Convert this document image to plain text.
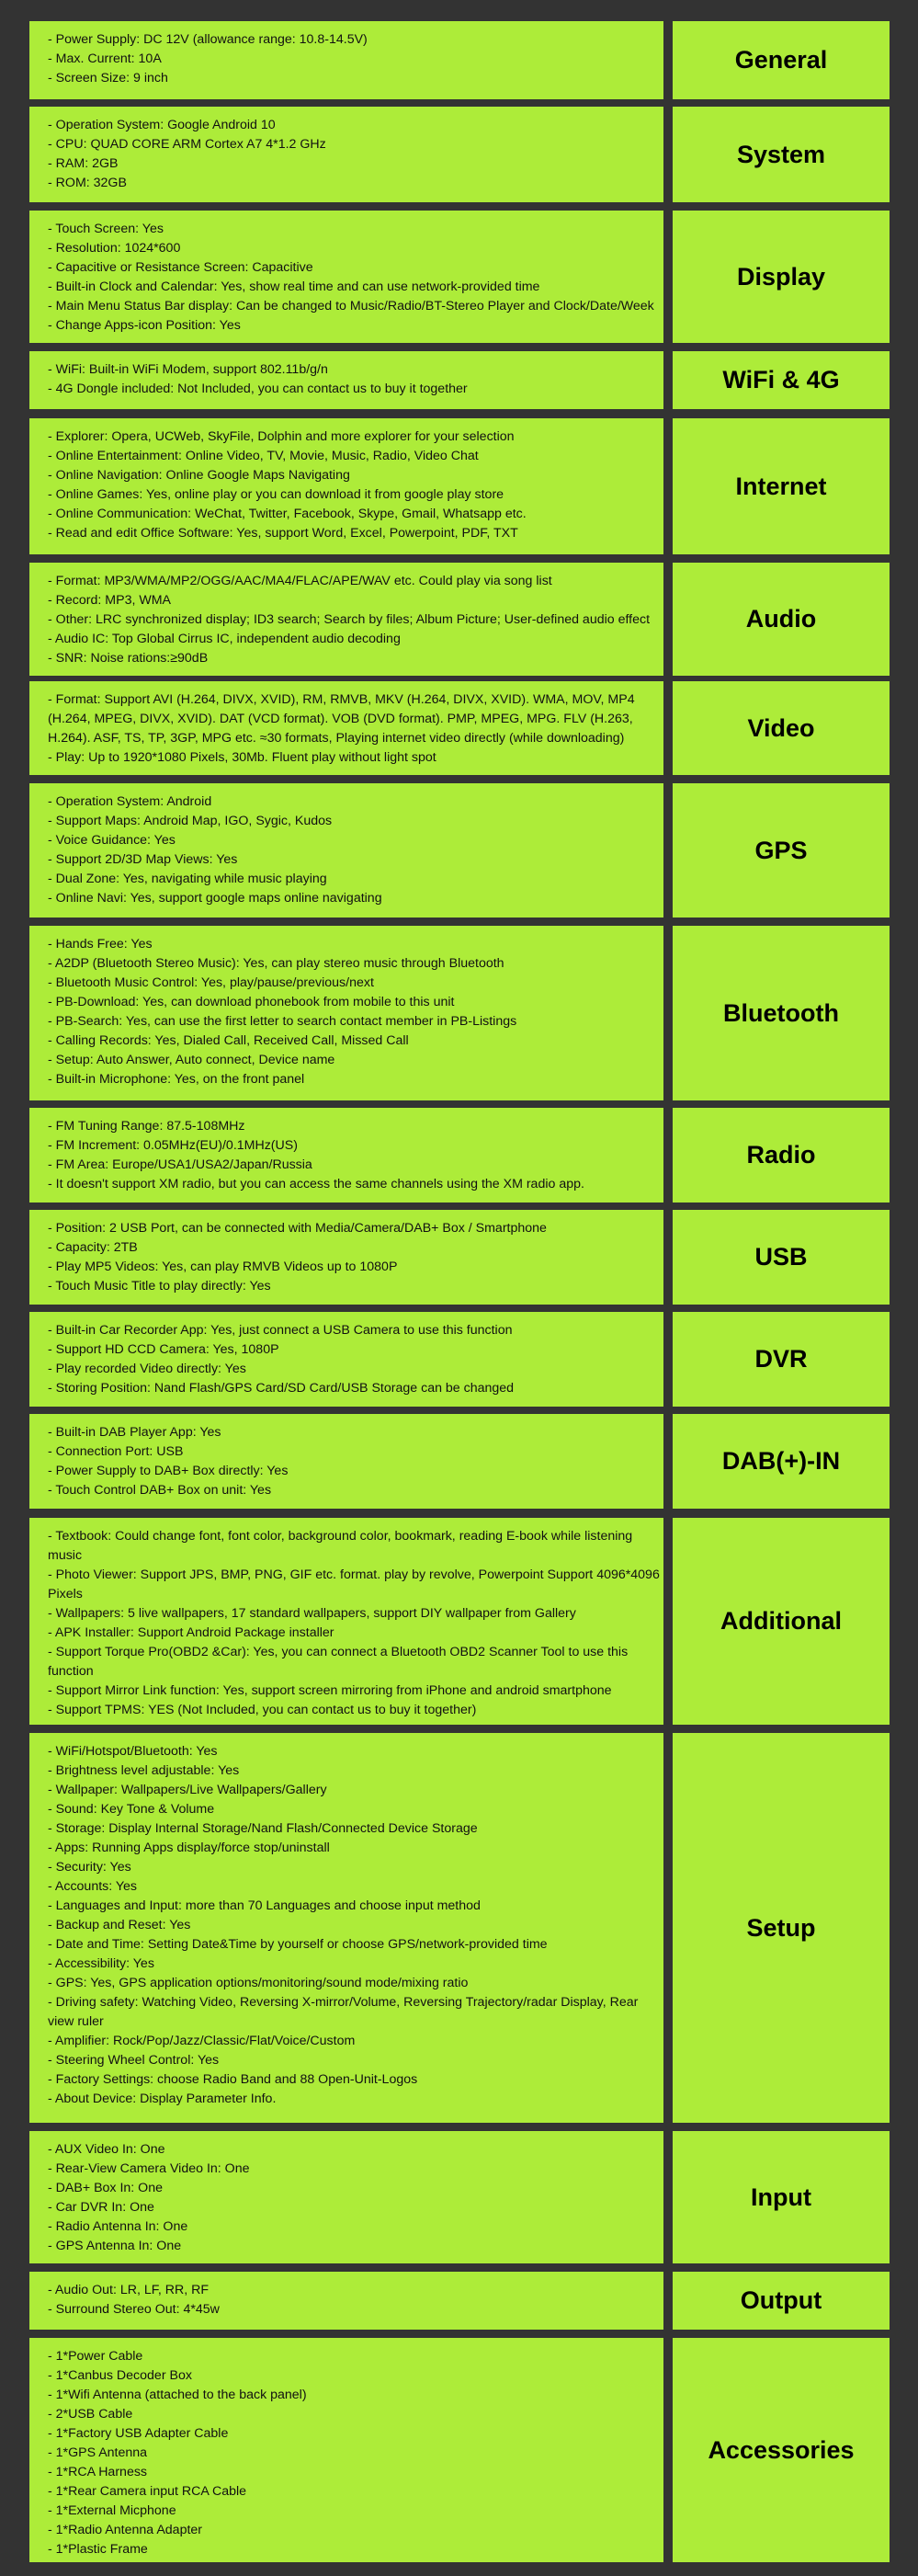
- Power Supply: DC 12V (allowance range: 10.8-14.5V)
- Max. Current: 10A
- Screen Size: 9 inch
General
- Operation System: Google Android 10
- CPU: QUAD CORE ARM Cortex A7 4*1.2 GHz
- RAM: 2GB
- ROM: 32GB
System
- Touch Screen: Yes
- Resolution: 1024*600
- Capacitive or Resistance Screen: Capacitive
- Built-in Clock and Calendar: Yes, show real time and can use network-provided time
- Main Menu Status Bar display: Can be changed to Music/Radio/BT-Stereo Player and Clock/Date/Week
- Change Apps-icon Position: Yes
Display
- WiFi: Built-in WiFi Modem, support 802.11b/g/n
- 4G Dongle included: Not Included, you can contact us to buy it together	WiFi & 4G
- Explorer: Opera, UCWeb, SkyFile, Dolphin and more explorer for your selection
- Online Entertainment: Online Video, TV, Movie, Music, Radio, Video Chat
- Online Navigation: Online Google Maps Navigating
- Online Games: Yes, online play or you can download it from google play store
- Online Communication: WeChat, Twitter, Facebook, Skype, Gmail, Whatsapp etc.
- Read and edit Office Software: Yes, support Word, Excel, Powerpoint, PDF, TXT
Internet
- Format: MP3/WMA/MP2/OGG/AAC/MA4/FLAC/APE/WAV etc. Could play via song list
- Record: MP3, WMA
- Other: LRC synchronized display; ID3 search; Search by files; Album Picture; User-defined audio effect
- Audio IC: Top Global Cirrus IC, independent audio decoding
- SNR: Noise rations:≥90dB
Audio
- Format: Support AVI (H.264, DIVX, XVID), RM, RMVB, MKV (H.264, DIVX, XVID). WMA, MOV, MP4 (H.264, MPEG, DIVX, XVID). DAT (VCD format). VOB (DVD format). PMP, MPEG, MPG. FLV (H.263, H.264). ASF, TS, TP, 3GP, MPG etc. ≈30 formats, Playing internet video directly (while downloading)
- Play: Up to 1920*1080 Pixels, 30Mb. Fluent play without light spot
Video
- Operation System: Android
- Support Maps: Android Map, IGO, Sygic, Kudos
- Voice Guidance: Yes
- Support 2D/3D Map Views: Yes
- Dual Zone: Yes, navigating while music playing
- Online Navi: Yes, support google maps online navigating
GPS
- Hands Free: Yes
- A2DP (Bluetooth Stereo Music): Yes, can play stereo music through Bluetooth
- Bluetooth Music Control: Yes, play/pause/previous/next
- PB-Download: Yes, can download phonebook from mobile to this unit
- PB-Search: Yes, can use the first letter to search contact member in PB-Listings
- Calling Records: Yes, Dialed Call, Received Call, Missed Call
- Setup: Auto Answer, Auto connect, Device name
- Built-in Microphone: Yes, on the front panel
Bluetooth
- FM Tuning Range: 87.5-108MHz
- FM Increment: 0.05MHz(EU)/0.1MHz(US)
- FM Area: Europe/USA1/USA2/Japan/Russia
- It doesn't support XM radio, but you can access the same channels using the XM radio app.
Radio
- Position: 2 USB Port, can be connected with Media/Camera/DAB+ Box / Smartphone
- Capacity: 2TB
- Play MP5 Videos: Yes, can play RMVB Videos up to 1080P
- Touch Music Title to play directly: Yes
USB
- Built-in Car Recorder App: Yes, just connect a USB Camera to use this function
- Support HD CCD Camera: Yes, 1080P
- Play recorded Video directly: Yes
- Storing Position: Nand Flash/GPS Card/SD Card/USB Storage can be changed
DVR
- Built-in DAB Player App: Yes
- Connection Port: USB
- Power Supply to DAB+ Box directly: Yes
- Touch Control DAB+ Box on unit: Yes
DAB(+)-IN
- Textbook: Could change font, font color, background color, bookmark, reading E-book while listening music
- Photo Viewer: Support JPS, BMP, PNG, GIF etc. format. play by revolve, Powerpoint Support 4096*4096 Pixels
- Wallpapers: 5 live wallpapers, 17 standard wallpapers, support DIY wallpaper from Gallery
- APK Installer: Support Android Package installer
- Support Torque Pro(OBD2 &Car): Yes, you can connect a Bluetooth OBD2 Scanner Tool to use this function
- Support Mirror Link function: Yes, support screen mirroring from iPhone and android smartphone
- Support TPMS: YES (Not Included, you can contact us to buy it together)
Additional
- WiFi/Hotspot/Bluetooth: Yes
- Brightness level adjustable: Yes
- Wallpaper: Wallpapers/Live Wallpapers/Gallery
- Sound: Key Tone & Volume
- Storage: Display Internal Storage/Nand Flash/Connected Device Storage
- Apps: Running Apps display/force stop/uninstall
- Security: Yes
- Accounts: Yes
- Languages and Input: more than 70 Languages and choose input method
- Backup and Reset: Yes
- Date and Time: Setting Date&Time by yourself or choose GPS/network-provided time
- Accessibility: Yes
- GPS: Yes, GPS application options/monitoring/sound mode/mixing ratio
- Driving safety: Watching Video, Reversing X-mirror/Volume, Reversing Trajectory/radar Display, Rear view ruler
- Amplifier: Rock/Pop/Jazz/Classic/Flat/Voice/Custom
- Steering Wheel Control: Yes
- Factory Settings: choose Radio Band and 88 Open-Unit-Logos
- About Device: Display Parameter Info.
Setup
- AUX Video In: One
- Rear-View Camera Video In: One
- DAB+ Box In: One
- Car DVR In: One
- Radio Antenna In: One
- GPS Antenna In: One
Input
- Audio Out: LR, LF, RR, RF
- Surround Stereo Out: 4*45w	Output
- 1*Power Cable
- 1*Canbus Decoder Box
- 1*Wifi Antenna (attached to the back panel)
- 2*USB Cable
- 1*Factory USB Adapter Cable
- 1*GPS Antenna
- 1*RCA Harness
- 1*Rear Camera input RCA Cable
- 1*External Micphone
- 1*Radio Antenna Adapter
- 1*Plastic Frame
Accessories
